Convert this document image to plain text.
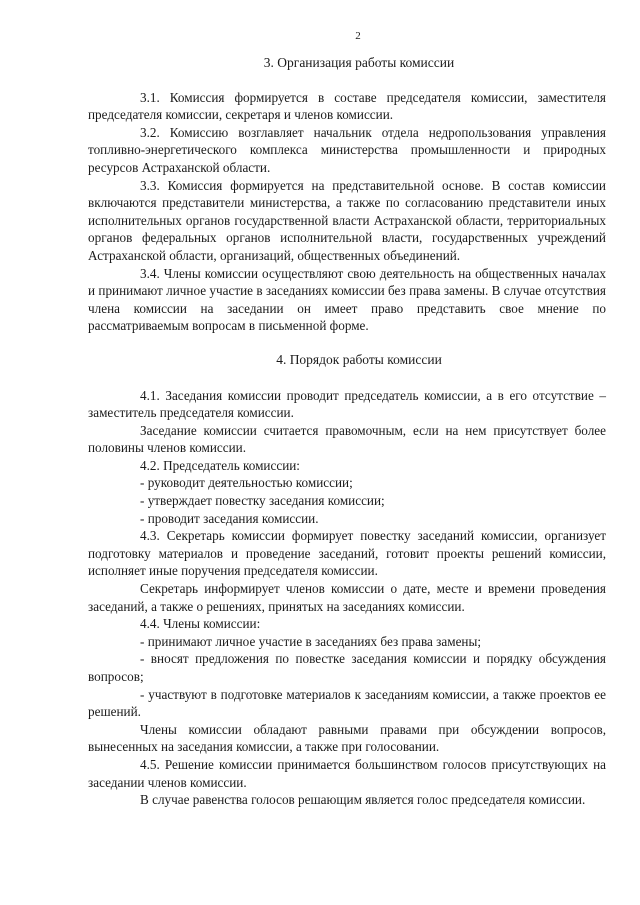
2
3. Организация работы комиссии

3.1. Комиссия формируется в составе председателя комиссии, заместителя председателя комиссии, секретаря и членов комиссии.

3.2. Комиссию возглавляет начальник отдела недропользования управления топливно-энергетического комплекса министерства промышленности и природных ресурсов Астраханской области.

3.3. Комиссия формируется на представительной основе. В состав комиссии включаются представители министерства, а также по согласованию представители иных исполнительных органов государственной власти Астраханской области, территориальных органов федеральных органов исполнительной власти, государственных учреждений Астраханской области, организаций, общественных объединений.

3.4. Члены комиссии осуществляют свою деятельность на общественных началах и принимают личное участие в заседаниях комиссии без права замены. В случае отсутствия члена комиссии на заседании он имеет право представить свое мнение по рассматриваемым вопросам в письменной форме.

4. Порядок работы комиссии

4.1. Заседания комиссии проводит председатель комиссии, а в его отсутствие – заместитель председателя комиссии.

Заседание комиссии считается правомочным, если на нем присутствует более половины членов комиссии.

4.2. Председатель комиссии:

- руководит деятельностью комиссии;

- утверждает повестку заседания комиссии;

- проводит заседания комиссии.

4.3. Секретарь комиссии формирует повестку заседаний комиссии, организует подготовку материалов и проведение заседаний, готовит проекты решений комиссии, исполняет иные поручения председателя комиссии.

Секретарь информирует членов комиссии о дате, месте и времени проведения заседаний, а также о решениях, принятых на заседаниях комиссии.

4.4. Члены комиссии:

- принимают личное участие в заседаниях без права замены;

- вносят предложения по повестке заседания комиссии и порядку обсуждения вопросов;

- участвуют в подготовке материалов к заседаниям комиссии, а также проектов ее решений.

Члены комиссии обладают равными правами при обсуждении вопросов, вынесенных на заседания комиссии, а также при голосовании.

4.5. Решение комиссии принимается большинством голосов присутствующих на заседании членов комиссии.

В случае равенства голосов решающим является голос председателя комиссии.
